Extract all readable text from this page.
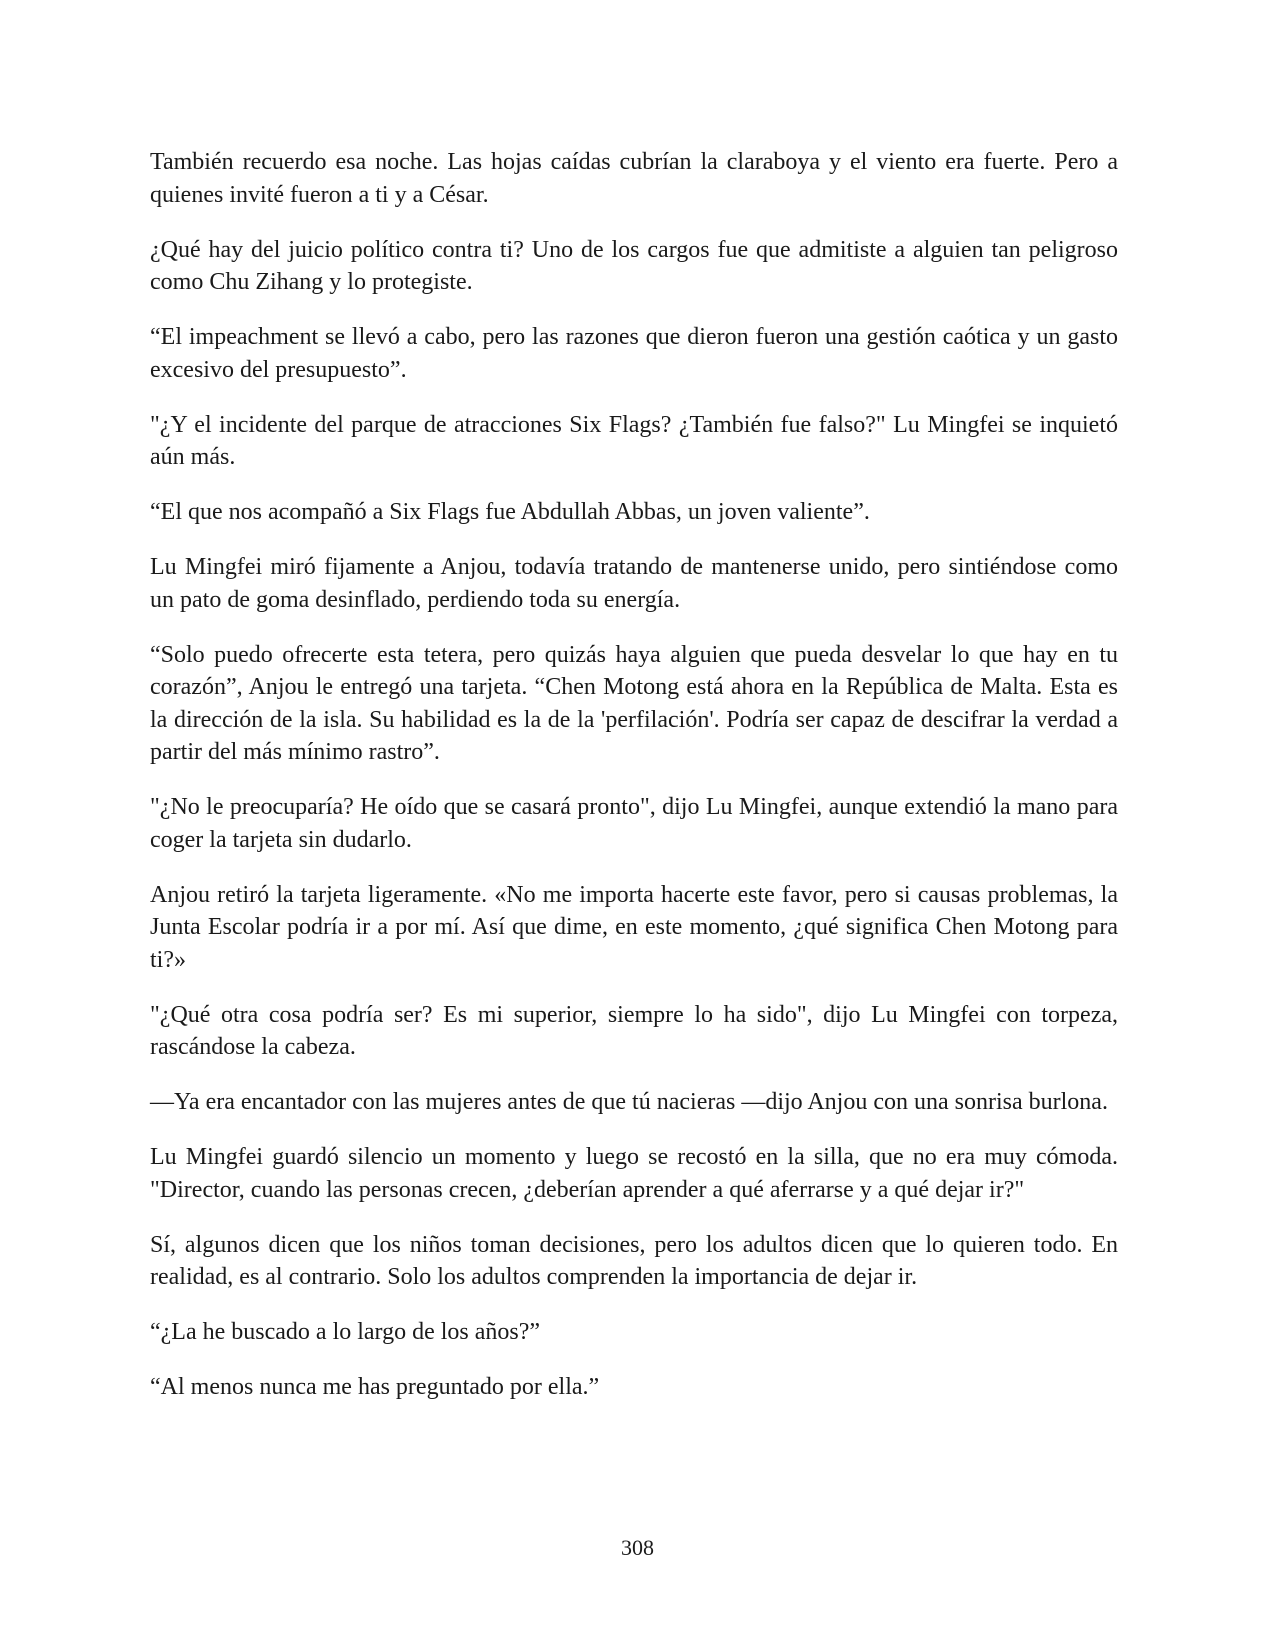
También recuerdo esa noche. Las hojas caídas cubrían la claraboya y el viento era fuerte. Pero a quienes invité fueron a ti y a César.

¿Qué hay del juicio político contra ti? Uno de los cargos fue que admitiste a alguien tan peligroso como Chu Zihang y lo protegiste.

“El impeachment se llevó a cabo, pero las razones que dieron fueron una gestión caótica y un gasto excesivo del presupuesto”.

"¿Y el incidente del parque de atracciones Six Flags? ¿También fue falso?" Lu Mingfei se inquietó aún más.

“El que nos acompañó a Six Flags fue Abdullah Abbas, un joven valiente”.

Lu Mingfei miró fijamente a Anjou, todavía tratando de mantenerse unido, pero sintiéndose como un pato de goma desinflado, perdiendo toda su energía.

“Solo puedo ofrecerte esta tetera, pero quizás haya alguien que pueda desvelar lo que hay en tu corazón”, Anjou le entregó una tarjeta. “Chen Motong está ahora en la República de Malta. Esta es la dirección de la isla. Su habilidad es la de la 'perfilación'. Podría ser capaz de descifrar la verdad a partir del más mínimo rastro”.

"¿No le preocuparía? He oído que se casará pronto", dijo Lu Mingfei, aunque extendió la mano para coger la tarjeta sin dudarlo.

Anjou retiró la tarjeta ligeramente. «No me importa hacerte este favor, pero si causas problemas, la Junta Escolar podría ir a por mí. Así que dime, en este momento, ¿qué significa Chen Motong para ti?»

"¿Qué otra cosa podría ser? Es mi superior, siempre lo ha sido", dijo Lu Mingfei con torpeza, rascándose la cabeza.

—Ya era encantador con las mujeres antes de que tú nacieras —dijo Anjou con una sonrisa burlona.

Lu Mingfei guardó silencio un momento y luego se recostó en la silla, que no era muy cómoda. "Director, cuando las personas crecen, ¿deberían aprender a qué aferrarse y a qué dejar ir?"

Sí, algunos dicen que los niños toman decisiones, pero los adultos dicen que lo quieren todo. En realidad, es al contrario. Solo los adultos comprenden la importancia de dejar ir.

“¿La he buscado a lo largo de los años?”

“Al menos nunca me has preguntado por ella.”

308
